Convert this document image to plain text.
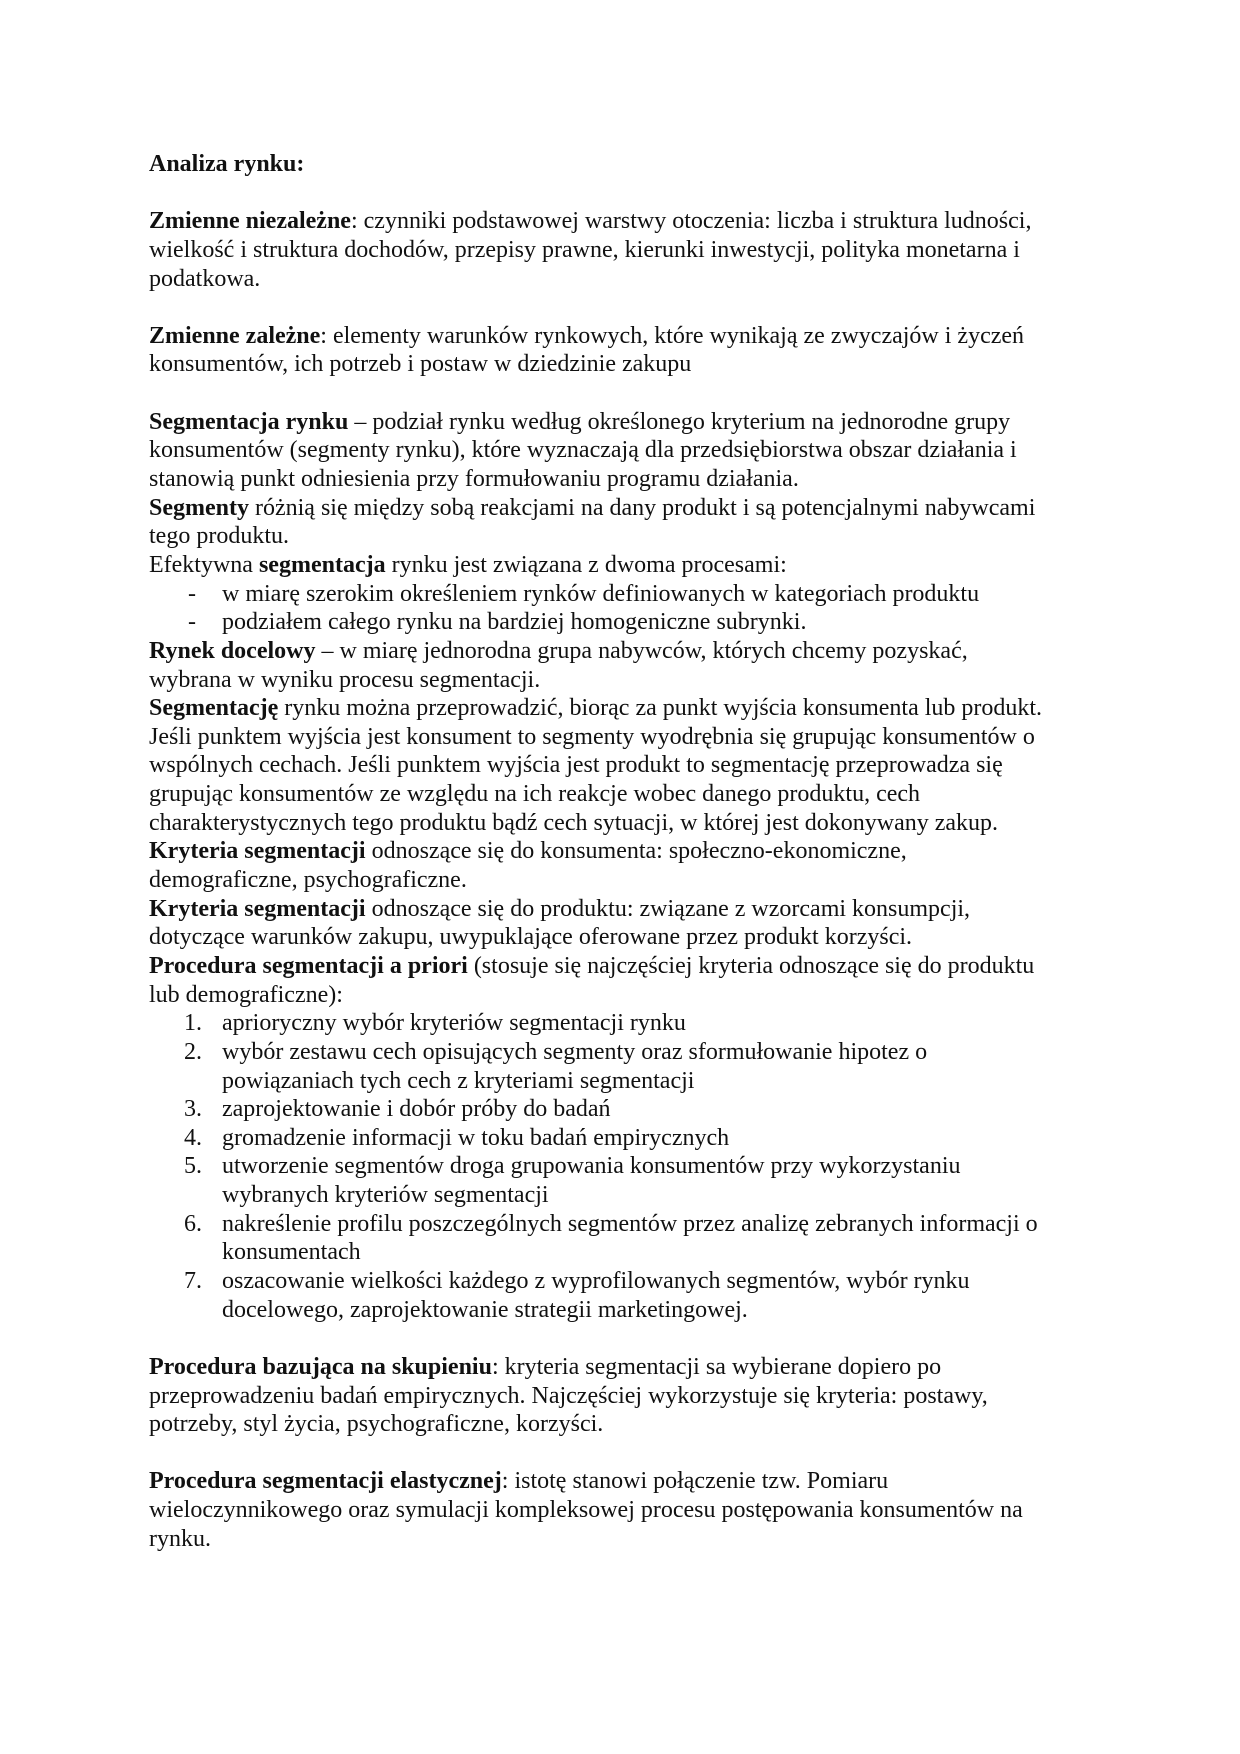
Analiza rynku:
Zmienne niezależne: czynniki podstawowej warstwy otoczenia: liczba i struktura ludności,
wielkość i struktura dochodów, przepisy prawne, kierunki inwestycji, polityka monetarna i
podatkowa.
Zmienne zależne: elementy warunków rynkowych, które wynikają ze zwyczajów i życzeń
konsumentów, ich potrzeb i postaw w dziedzinie zakupu
Segmentacja rynku – podział rynku według określonego kryterium na jednorodne grupy
konsumentów (segmenty rynku), które wyznaczają dla przedsiębiorstwa obszar działania i
stanowią punkt odniesienia przy formułowaniu programu działania.
Segmenty różnią się między sobą reakcjami na dany produkt i są potencjalnymi nabywcami
tego produktu.
Efektywna segmentacja rynku jest związana z dwoma procesami:
- w miarę szerokim określeniem rynków definiowanych w kategoriach produktu
- podziałem całego rynku na bardziej homogeniczne subrynki.
Rynek docelowy – w miarę jednorodna grupa nabywców, których chcemy pozyskać,
wybrana w wyniku procesu segmentacji.
Segmentację rynku można przeprowadzić, biorąc za punkt wyjścia konsumenta lub produkt.
Jeśli punktem wyjścia jest konsument to segmenty wyodrębnia się grupując konsumentów o
wspólnych cechach. Jeśli punktem wyjścia jest produkt to segmentację przeprowadza się
grupując konsumentów ze względu na ich reakcje wobec danego produktu, cech
charakterystycznych tego produktu bądź cech sytuacji, w której jest dokonywany zakup.
Kryteria segmentacji odnoszące się do konsumenta: społeczno-ekonomiczne,
demograficzne, psychograficzne.
Kryteria segmentacji odnoszące się do produktu: związane z wzorcami konsumpcji,
dotyczące warunków zakupu, uwypuklające oferowane przez produkt korzyści.
Procedura segmentacji a priori (stosuje się najczęściej kryteria odnoszące się do produktu
lub demograficzne):
1. aprioryczny wybór kryteriów segmentacji rynku
2. wybór zestawu cech opisujących segmenty oraz sformułowanie hipotez o
powiązaniach tych cech z kryteriami segmentacji
3. zaprojektowanie i dobór próby do badań
4. gromadzenie informacji w toku badań empirycznych
5. utworzenie segmentów droga grupowania konsumentów przy wykorzystaniu
wybranych kryteriów segmentacji
6. nakreślenie profilu poszczególnych segmentów przez analizę zebranych informacji o
konsumentach
7. oszacowanie wielkości każdego z wyprofilowanych segmentów, wybór rynku
docelowego, zaprojektowanie strategii marketingowej.
Procedura bazująca na skupieniu: kryteria segmentacji sa wybierane dopiero po
przeprowadzeniu badań empirycznych. Najczęściej wykorzystuje się kryteria: postawy,
potrzeby, styl życia, psychograficzne, korzyści.
Procedura segmentacji elastycznej: istotę stanowi połączenie tzw. Pomiaru
wieloczynnikowego oraz symulacji kompleksowej procesu postępowania konsumentów na
rynku.
